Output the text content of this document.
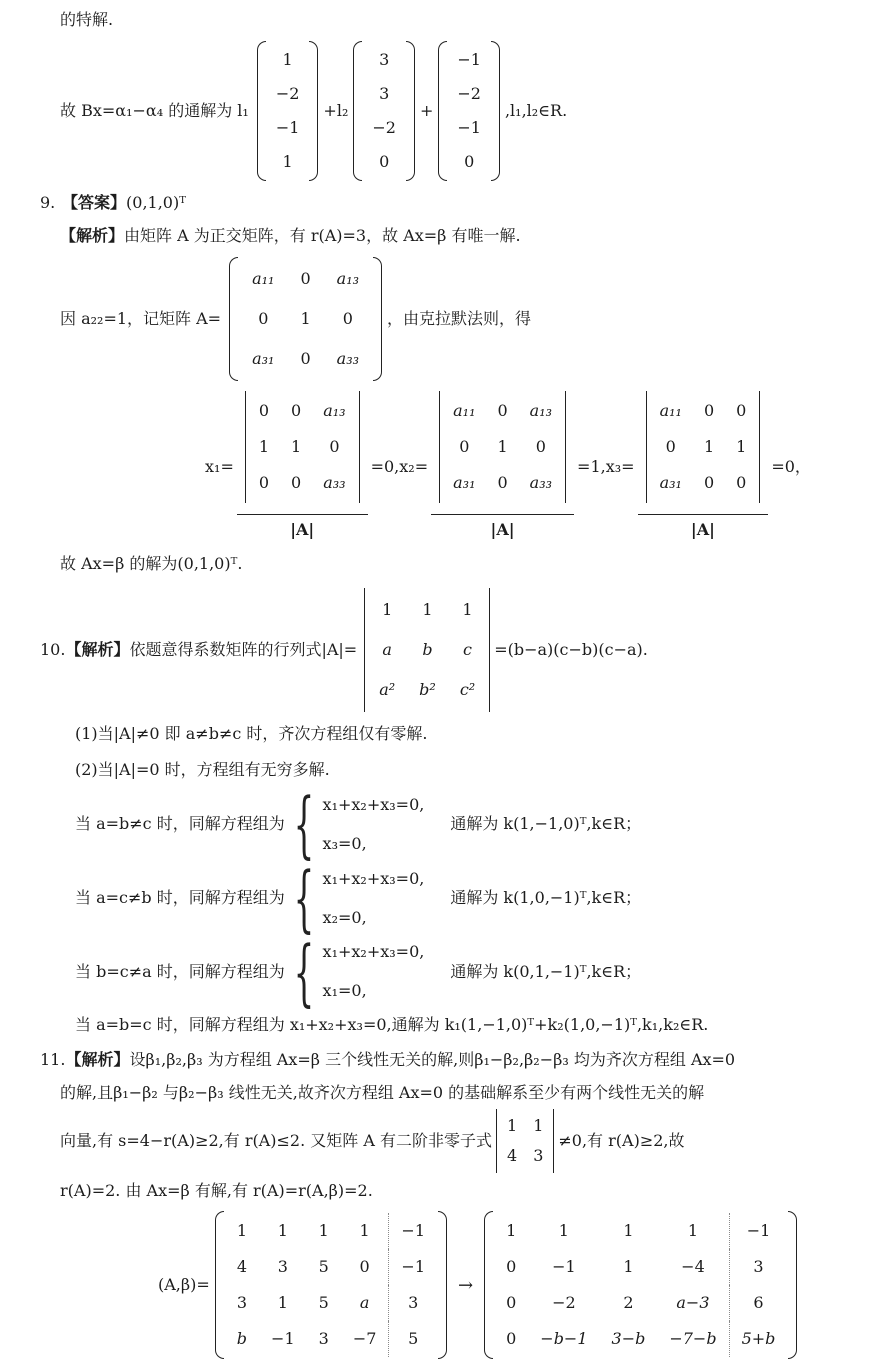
的特解.
故 Bx=α₁−α₄ 的通解为 l₁
1
−2
−1
1
+l₂
3
3
−2
0
+
−1
−2
−1
0
,l₁,l₂∈R.
9. 【答案】(0,1,0)ᵀ
【解析】由矩阵 A 为正交矩阵，有 r(A)=3，故 Ax=β 有唯一解.
因 a₂₂=1，记矩阵 A=
a₁₁	0	a₁₃
0	1	0
a₃₁	0	a₃₃
，由克拉默法则，得
x₁= 0	0	a₁₃
1	1	0
0	0	a₃₃
|A| =0, x₂= a₁₁	0	a₁₃
0	1	0
a₃₁	0	a₃₃
|A| =1, x₃= a₁₁	0	0
0	1	1
a₃₁	0	0
|A| =0，
故 Ax=β 的解为(0,1,0)ᵀ.
10. 【解析】 依题意得系数矩阵的行列式|A|=
1	1	1
a	b	c
a²	b²	c²
=(b−a)(c−b)(c−a).
(1)当|A|≠0 即 a≠b≠c 时，齐次方程组仅有零解.
(2)当|A|=0 时，方程组有无穷多解.
当 a=b≠c 时，同解方程组为 { x₁+x₂+x₃=0,
x₃=0,
通解为 k(1,−1,0)ᵀ,k∈R；
当 a=c≠b 时，同解方程组为 { x₁+x₂+x₃=0,
x₂=0,
通解为 k(1,0,−1)ᵀ,k∈R；
当 b=c≠a 时，同解方程组为 { x₁+x₂+x₃=0,
x₁=0,
通解为 k(0,1,−1)ᵀ,k∈R；
当 a=b=c 时，同解方程组为 x₁+x₂+x₃=0,通解为 k₁(1,−1,0)ᵀ+k₂(1,0,−1)ᵀ,k₁,k₂∈R.
11.【解析】设β₁,β₂,β₃ 为方程组 Ax=β 三个线性无关的解,则β₁−β₂,β₂−β₃ 均为齐次方程组 Ax=0
的解,且β₁−β₂ 与β₂−β₃ 线性无关,故齐次方程组 Ax=0 的基础解系至少有两个线性无关的解
向量,有 s=4−r(A)≥2,有 r(A)≤2. 又矩阵 A 有二阶非零子式
1	1
4	3
≠0,有 r(A)≥2,故
r(A)=2. 由 Ax=β 有解,有 r(A)=r(A,β)=2.
(A,β)=
1	1	1	1	−1
4	3	5	0	−1
3	1	5	a	3
b	−1	3	−7	5
→
1	1	1	1	−1
0	−1	1	−4	3
0	−2	2	a−3	6
0	−b−1	3−b	−7−b	5+b
